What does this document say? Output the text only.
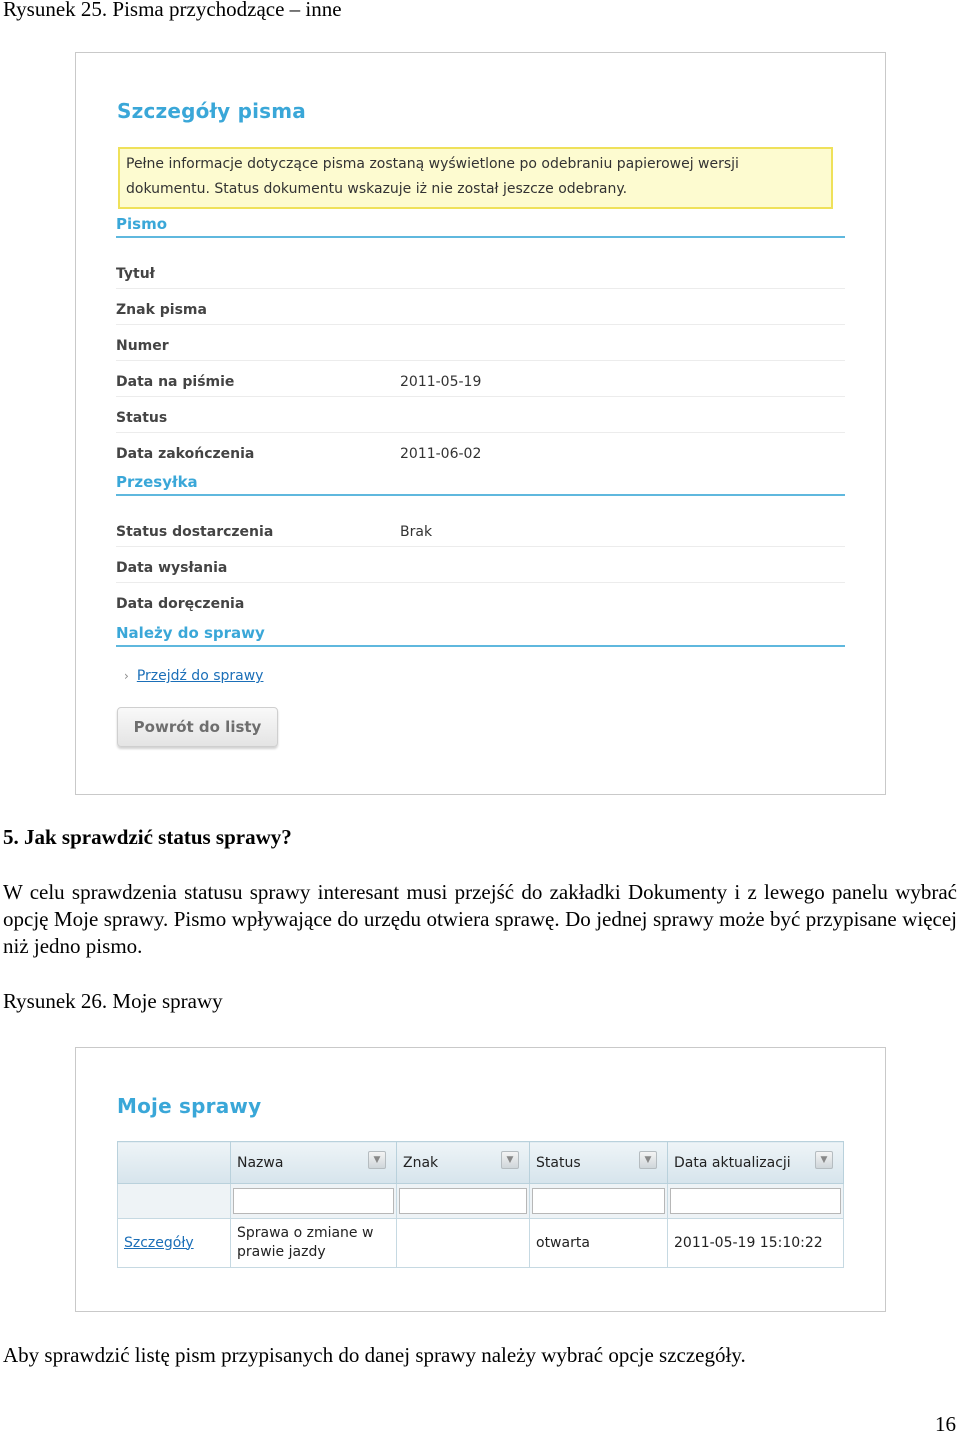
Rysunek 25. Pisma przychodzące – inne
Szczegóły pisma
Pełne informacje dotyczące pisma zostaną wyświetlone po odebraniu papierowej wersji dokumentu. Status dokumentu wskazuje iż nie został jeszcze odebrany.
Pismo
Tytuł
Znak pisma
Numer
Data na piśmie	2011-05-19
Status
Data zakończenia	2011-06-02
Przesyłka
Status dostarczenia	Brak
Data wysłania
Data doręczenia
Należy do sprawy
› Przejdź do sprawy
Powrót do listy
5. Jak sprawdzić status sprawy?
W celu sprawdzenia statusu sprawy interesant musi przejść do zakładki Dokumenty i z lewego panelu wybrać opcję Moje sprawy. Pismo wpływające do urzędu otwiera sprawę. Do jednej sprawy może być przypisane więcej niż jedno pismo.
Rysunek 26. Moje sprawy
Moje sprawy
	Nazwa ▼	Znak ▼	Status ▼	Data aktualizacji ▼

Szczegóły	Sprawa o zmiane w prawie jazdy		otwarta	2011-05-19 15:10:22
Aby sprawdzić listę pism przypisanych do danej sprawy należy wybrać opcje szczegóły.
16
